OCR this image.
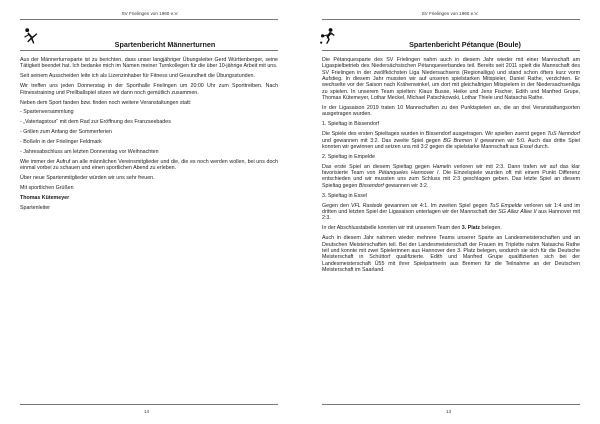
SV Frielingen von 1960 e.V.
Spartenbericht Männerturnen

Aus der Männerturnsparte ist zu berichten, dass unser langjähriger Übungsleiter Gerd Württenberger, seine Tätigkeit beendet hat. Ich bedanke mich im Namen meiner Turnkollegen für die über 10-jährige Arbeit mit uns.

Seit seinem Ausscheiden leite ich als Lizenzinhaber für Fitness und Gesundheit die Übungsstunden.

Wir treffen uns jeden Donnerstag in der Sporthalle Frielingen um 20:00 Uhr zum Sporttreiben. Nach Fitnesstraining und Prellballspiel sitzen wir dann noch gemütlich zusammen.

Neben dem Sport fanden bzw. finden noch weitere Veranstaltungen statt:

- Spartenversammlung
- „Vatertagstour“ mit dem Rad zur Eröffnung des Franzseebades
- Grillen zum Anfang der Sommerferien
- Boßeln in der Frielinger Feldmark
- Jahresabschluss am letzten Donnerstag vor Weihnachten

Wie immer der Aufruf an alle männlichen Vereinsmitglieder und die, die es noch werden wollen, bei uns doch einmal vorbei zu schauen und einen sportlichen Abend zu erleben.

Über neue Spartenmitglieder würden wir uns sehr freuen.

Mit sportlichen Grüßen

Thomas Kütemeyer

Spartenleiter

14
SV Frielingen von 1960 e.V.
Spartenbericht Pétanque (Boule)

Die Pétanquesparte des SV Frielingen nahm auch in diesem Jahr wieder mit einer Mannschaft am Ligaspielbetrieb des Niedersächsischen Pétanqueverbandes teil. Bereits seit 2011 spielt die Mannschaft des SV Frielingen in der zwölfköchsten Liga Niedersachsens (Regionalliga) und stand schon öfters kurz vorm Aufstieg. In diesem Jahr mussten wir auf unseren spielstarken Mitspieler, Daniel Rathe, verzichten. Er wechselte vor der Saison nach Krähenwinkel, um dort mit gleichaltrigen Mitspielern in der Niedersachsenliga zu spielen. In unserem Team spielten: Klaus Busse, Heike und Jens Fischer, Edith und Manfred Grupe, Thomas Kütemeyer, Lothar Meckel, Michael Patschkowski, Lothar Thiele und Natascha Rathe.

In der Ligasaison 2019 traten 10 Mannschaften zu den Punktspielen an, die an drei Veranstaltungsorten ausgetragen wurden.

1. Spieltag in Bissendorf

Die Spiele des ersten Spieltages wurden in Bissendorf ausgetragen. Wir spielten zuerst gegen TuS Nenndorf und gewannen mit 3:2. Das zweite Spiel gegen BG Bremen II gewannen wir 5:0. Auch das dritte Spiel konnten wir gewinnen und setzen uns mit 3:2 gegen die spielstarke Mannschaft aus Essel durch.

2. Spieltag in Empelde

Das erste Spiel an diesem Spieltag gegen Hameln verloren wir mit 2:3. Dann trafen wir auf das klar favorisierte Team von Pétanqueles Hannover I. Die Einzelspiele wurden oft mit einem Punkt Differenz entschieden und wir mussten uns zum Schluss mit 2:3 geschlagen geben. Das letzte Spiel an diesem Spieltag gegen Bissendorf gewannen wir 3:2.

3. Spieltag in Essel

Gegen den VFL Rastede gewannen wir 4:1. Im zweiten Spiel gegen TuS Empelde verloren wir 1:4 und im dritten und letzten Spiel der Ligasaison unterlagen wir der Mannschaft der SG Allez Allee II aus Hannover mit 2:3.

In der Abschlusstabelle konnten wir mit unserem Team den 3. Platz belegen.

Auch in diesem Jahr nahmen wieder mehrere Teams unserer Sparte an Landesmeisterschaften und an Deutschen Meisterschaften teil. Bei der Landesmeisterschaft der Frauen im Triplette nahm Natascha Rathe teil und konnte mit zwei Spielerinnen aus Hannover den 3. Platz belegen, wodurch sie sich für die Deutsche Meisterschaft in Schüttorf qualifizierte. Edith und Manfred Grupe qualifizierten sich bei der Landesmeisterschaft Ü55 mit ihrer Spielpartnerin aus Bremen für die Teilnahme an der Deutschen Meisterschaft im Saarland.

13
